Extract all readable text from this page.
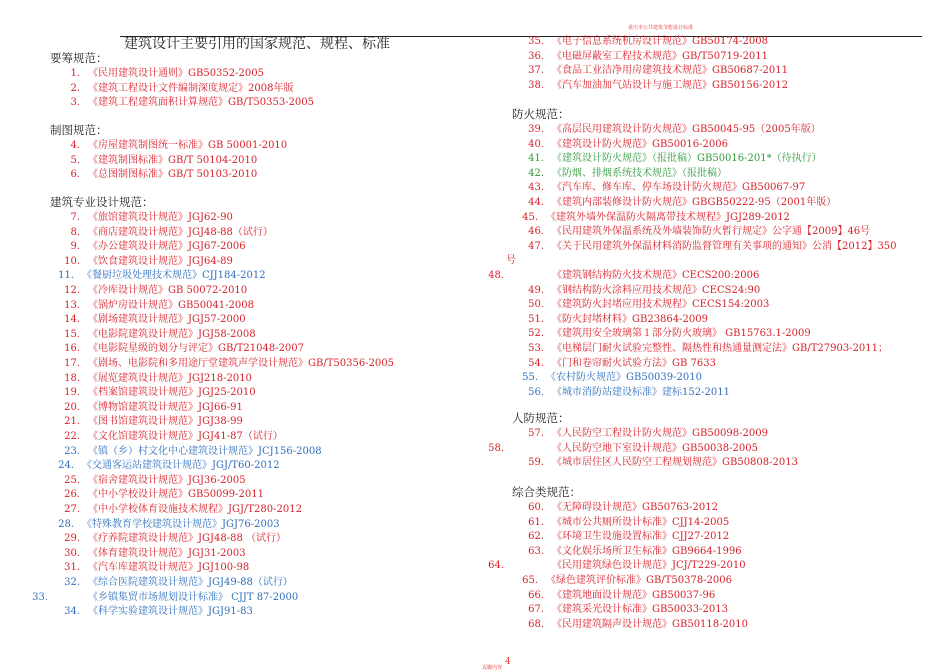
建筑设计主要引用的国家规范、规程、标准
重庆市公共建筑节能设计标准
要筹规范：
1. 《民用建筑设计通则》GB50352-2005
2. 《建筑工程设计文件编制深度规定》2008年版
3. 《建筑工程建筑面积计算规范》GB/T50353-2005
制图规范：
4. 《房屋建筑制图统一标准》GB 50001-2010
5. 《建筑制图标准》GB/T 50104-2010
6. 《总图制图标准》GB/T 50103-2010
建筑专业设计规范：
7. 《旅馆建筑设计规范》JGJ62-90
8. 《商店建筑设计规范》JGJ48-88（试行）
9. 《办公建筑设计规范》JGJ67-2006
10. 《饮食建筑设计规范》JGJ64-89
11. 《餐厨垃圾处理技术规范》CJJ184-2012
12. 《冷库设计规范》GB 50072-2010
13. 《锅炉房设计规范》GB50041-2008
14. 《剧场建筑设计规范》JGJ57-2000
15. 《电影院建筑设计规范》JGJ58-2008
16. 《电影院星级的划分与评定》GB/T21048-2007
17. 《剧场、电影院和多用途厅堂建筑声学设计规范》GB/T50356-2005
18. 《展览建筑设计规范》JGJ218-2010
19. 《档案馆建筑设计规范》JGJ25-2010
20. 《博物馆建筑设计规范》JGJ66-91
21. 《图书馆建筑设计规范》JGJ38-99
22. 《文化馆建筑设计规范》JGJ41-87（试行）
23. 《镇（乡）村文化中心建筑设计规范》JCJ156-2008
24. 《交通客运站建筑设计规范》JGJ/T60-2012
25. 《宿舍建筑设计规范》JGJ36-2005
26. 《中小学校设计规范》GB50099-2011
27. 《中小学校体育设施技术规程》JGJ/T280-2012
28. 《特殊教育学校建筑设计规范》JGJ76-2003
29. 《疗养院建筑设计规范》JGJ48-88 （试行）
30. 《体育建筑设计规范》JGJ31-2003
31. 《汽车库建筑设计规范》JGJ100-98
32. 《综合医院建筑设计规范》JGJ49-88（试行）
33.	《乡镇集贸市场规划设计标准》 CJJT 87-2000
34. 《科学实验建筑设计规范》JGJ91-83
35. 《电子信息系统机房设计规范》GB50174-2008
36. 《电磁屏蔽室工程技术规范》GB/T50719-2011
37. 《食品工业洁净用房建筑技术规范》GB50687-2011
38. 《汽车加油加气站设计与施工规范》GB50156-2012
防火规范：
39. 《高层民用建筑设计防火规范》GB50045-95（2005年版）
40. 《建筑设计防火规范》GB50016-2006
41. 《建筑设计防火规范》（报批稿）GB50016-201*（待执行）
42. 《防烟、排烟系统技术规范》（报批稿）
43. 《汽车库、修车库、停车场设计防火规范》GB50067-97
44. 《建筑内部装修设计防火规范》GBGB50222-95（2001年版）
45. 《建筑外墙外保温防火隔离带技术规程》JGJ289-2012
46. 《民用建筑外保温系统及外墙装饰防火暂行规定》公字通【2009】46号
47. 《关于民用建筑外保温材料消防监督管理有关事项的通知》公消【2012】350
号
48.	《建筑钢结构防火技术规范》CECS200:2006
49. 《钢结构防火涂料应用技术规范》CECS24:90
50. 《建筑防火封堵应用技术规程》CECS154:2003
51. 《防火封堵材料》GB23864-2009
52. 《建筑用安全玻璃第１部分防火玻璃》 GB15763.1-2009
53. 《电梯层门耐火试验完整性、隔热性和热通量测定法》GB/T27903-2011；
54. 《门和卷帘耐火试验方法》GB 7633
55. 《农村防火规范》GB50039-2010
56. 《城市消防站建设标准》建标152-2011
人防规范：
57. 《人民防空工程设计防火规范》GB50098-2009
58.	《人民防空地下室设计规范》GB50038-2005
59. 《城市居住区人民防空工程规划规范》GB50808-2013
综合类规范：
60. 《无障碍设计规范》GB50763-2012
61. 《城市公共厕所设计标准》CJJ14-2005
62. 《环境卫生设施设置标准》CJJ27-2012
63. 《文化娱乐场所卫生标准》GB9664-1996
64.	《民用建筑绿色设计规范》JCJ/T229-2010
65. 《绿色建筑评价标准》GB/T50378-2006
66. 《建筑地面设计规范》GB50037-96
67. 《建筑采光设计标准》GB50033-2013
68. 《民用建筑隔声设计规范》GB50118-2010
4
页脚内容
